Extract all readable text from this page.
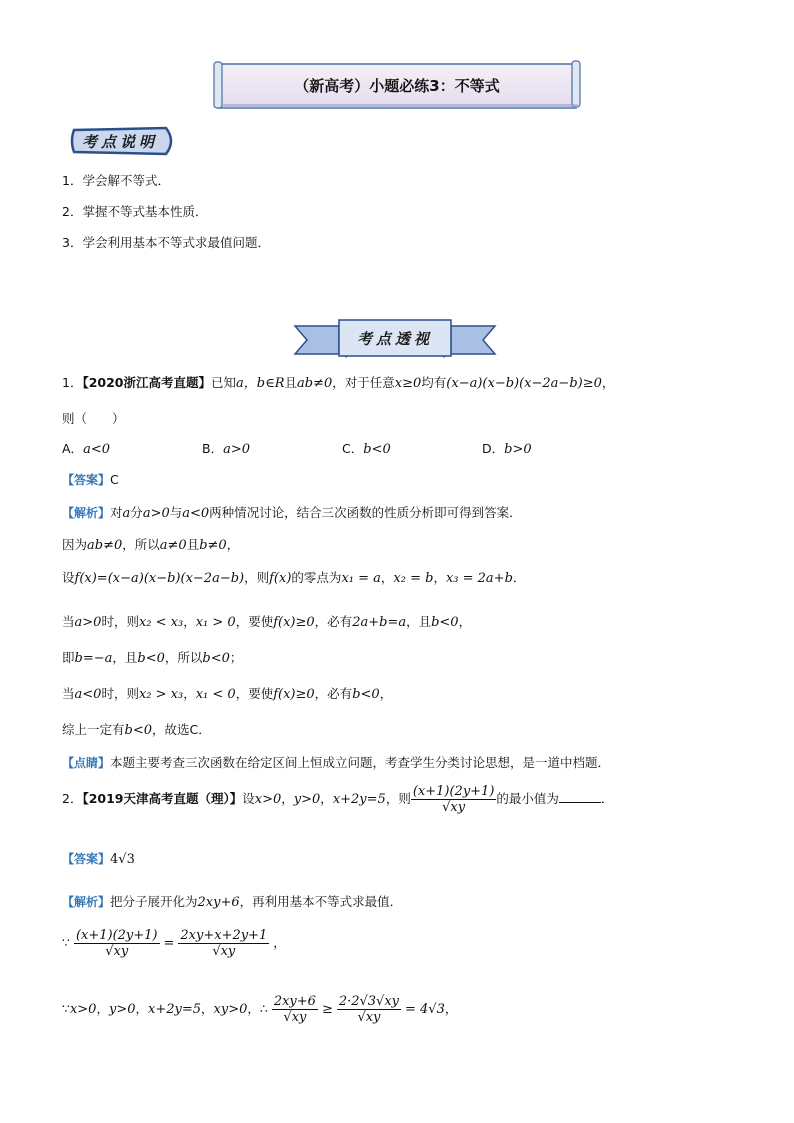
（新高考）小题必练3：不等式
考点说明
1．学会解不等式．
2．掌握不等式基本性质．
3．学会利用基本不等式求最值问题．
考点透视
1．【2020浙江高考直题】已知a，b∈R且ab≠0，对于任意x≥0均有(x−a)(x−b)(x−2a−b)≥0，
则（　　）
A．a<0	B．a>0	C．b<0	D．b>0
【答案】C
【解析】对a分a>0与a<0两种情况讨论，结合三次函数的性质分析即可得到答案．
因为ab≠0，所以a≠0且b≠0，
设f(x)=(x−a)(x−b)(x−2a−b)，则f(x)的零点为x₁ = a，x₂ = b，x₃ = 2a+b．
当a>0时，则x₂ < x₃，x₁ > 0，要使f(x)≥0，必有2a+b=a，且b<0，
即b=−a，且b<0，所以b<0；
当a<0时，则x₂ > x₃，x₁ < 0，要使f(x)≥0，必有b<0，
综上一定有b<0，故选C．
【点睛】本题主要考查三次函数在给定区间上恒成立问题，考查学生分类讨论思想，是一道中档题．
2．【2019天津高考直题（理）】设x>0，y>0，x+2y=5，则 $\frac{(x+1)(2y+1)}{√xy}$ 的最小值为	．
【答案】4√3
【解析】把分子展开化为2xy+6，再利用基本不等式求最值．
∵ $\frac{(x+1)(2y+1)}{√xy} = \frac{2xy+x+2y+1}{√xy}$ ，
∵x>0，y>0，x+2y=5，xy>0，∴ $\frac{2xy+6}{√xy} \ge \frac{2\cdot 2√3√xy}{√xy} = 4√3$，
